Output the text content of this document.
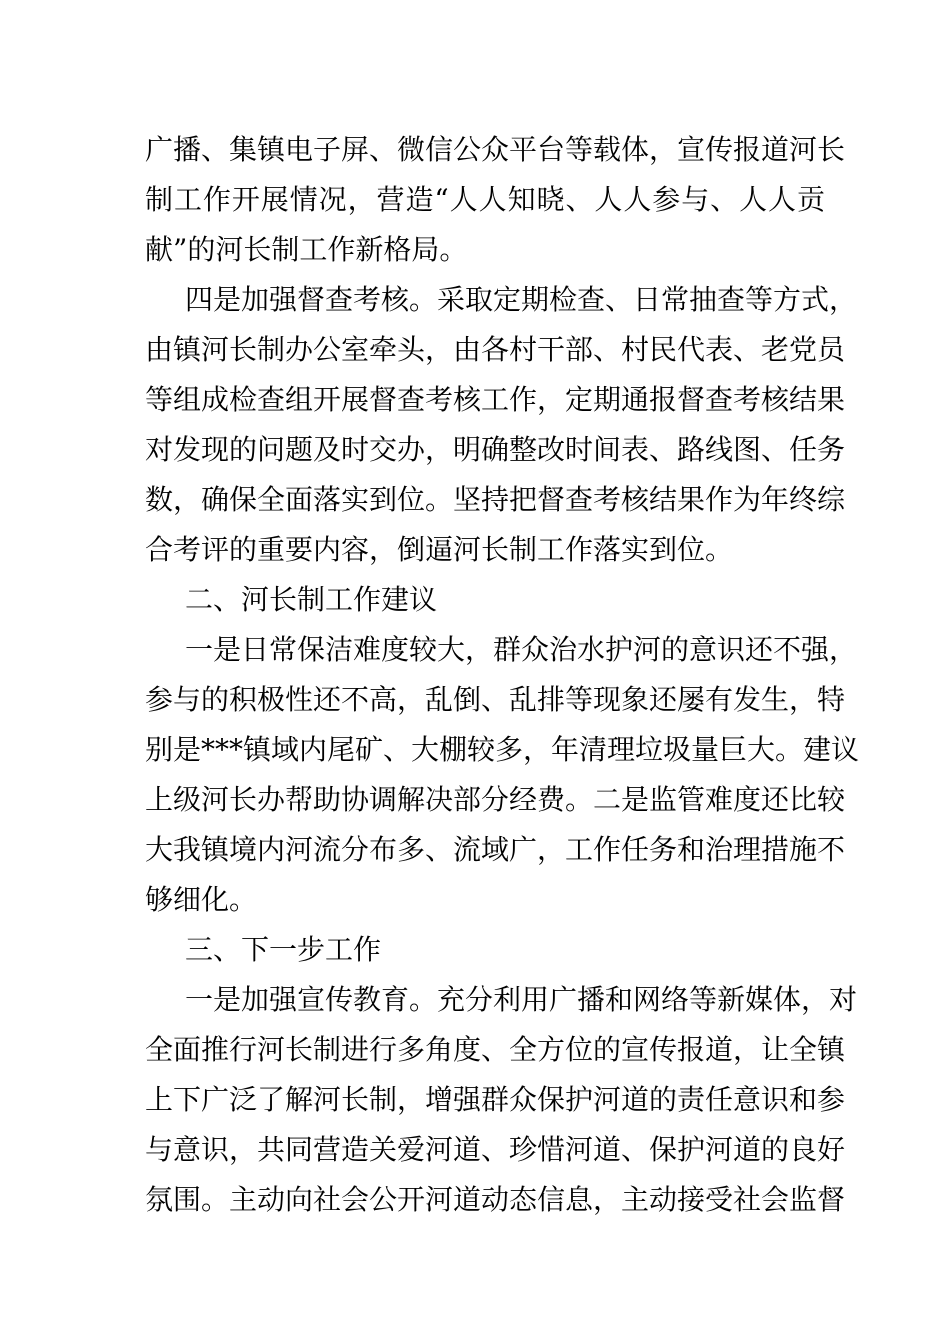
广播、集镇电子屏、微信公众平台等载体，宣传报道河长
制工作开展情况，营造“人人知晓、人人参与、人人贡
献”的河长制工作新格局。
四是加强督查考核。采取定期检查、日常抽查等方式，
由镇河长制办公室牵头，由各村干部、村民代表、老党员
等组成检查组开展督查考核工作，定期通报督查考核结果
对发现的问题及时交办，明确整改时间表、路线图、任务
数，确保全面落实到位。坚持把督查考核结果作为年终综
合考评的重要内容，倒逼河长制工作落实到位。
二、河长制工作建议
一是日常保洁难度较大，群众治水护河的意识还不强，
参与的积极性还不高，乱倒、乱排等现象还屡有发生，特
别是***镇域内尾矿、大棚较多，年清理垃圾量巨大。建议
上级河长办帮助协调解决部分经费。二是监管难度还比较
大我镇境内河流分布多、流域广，工作任务和治理措施不
够细化。
三、下一步工作
一是加强宣传教育。充分利用广播和网络等新媒体，对
全面推行河长制进行多角度、全方位的宣传报道，让全镇
上下广泛了解河长制，增强群众保护河道的责任意识和参
与意识，共同营造关爱河道、珍惜河道、保护河道的良好
氛围。主动向社会公开河道动态信息，主动接受社会监督
